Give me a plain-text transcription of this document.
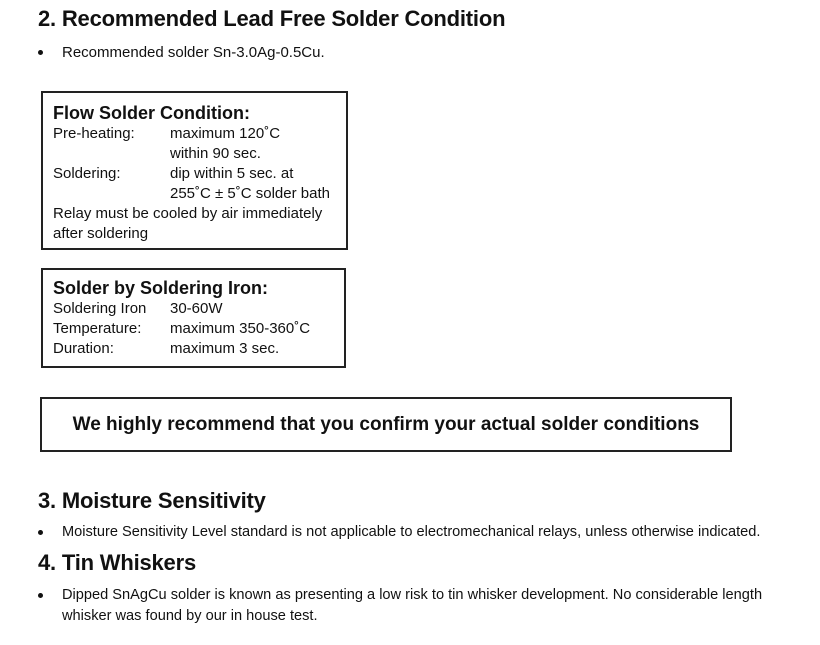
2. Recommended Lead Free Solder Condition
Recommended solder Sn-3.0Ag-0.5Cu.
Flow Solder Condition:
Pre-heating:	maximum 120˚C
within 90 sec.
Soldering:	dip within 5 sec. at
255˚C ± 5˚C solder bath
Relay must be cooled by air immediately
after soldering
Solder by Soldering Iron:
Soldering Iron	30-60W
Temperature:	maximum 350-360˚C
Duration:	maximum 3 sec.
We highly recommend that you confirm your actual solder conditions
3. Moisture Sensitivity
Moisture Sensitivity Level standard is not applicable to electromechanical relays, unless otherwise indicated.
4. Tin Whiskers
Dipped SnAgCu solder is known as presenting a low risk to tin whisker development. No considerable length
whisker was found by our in house test.
